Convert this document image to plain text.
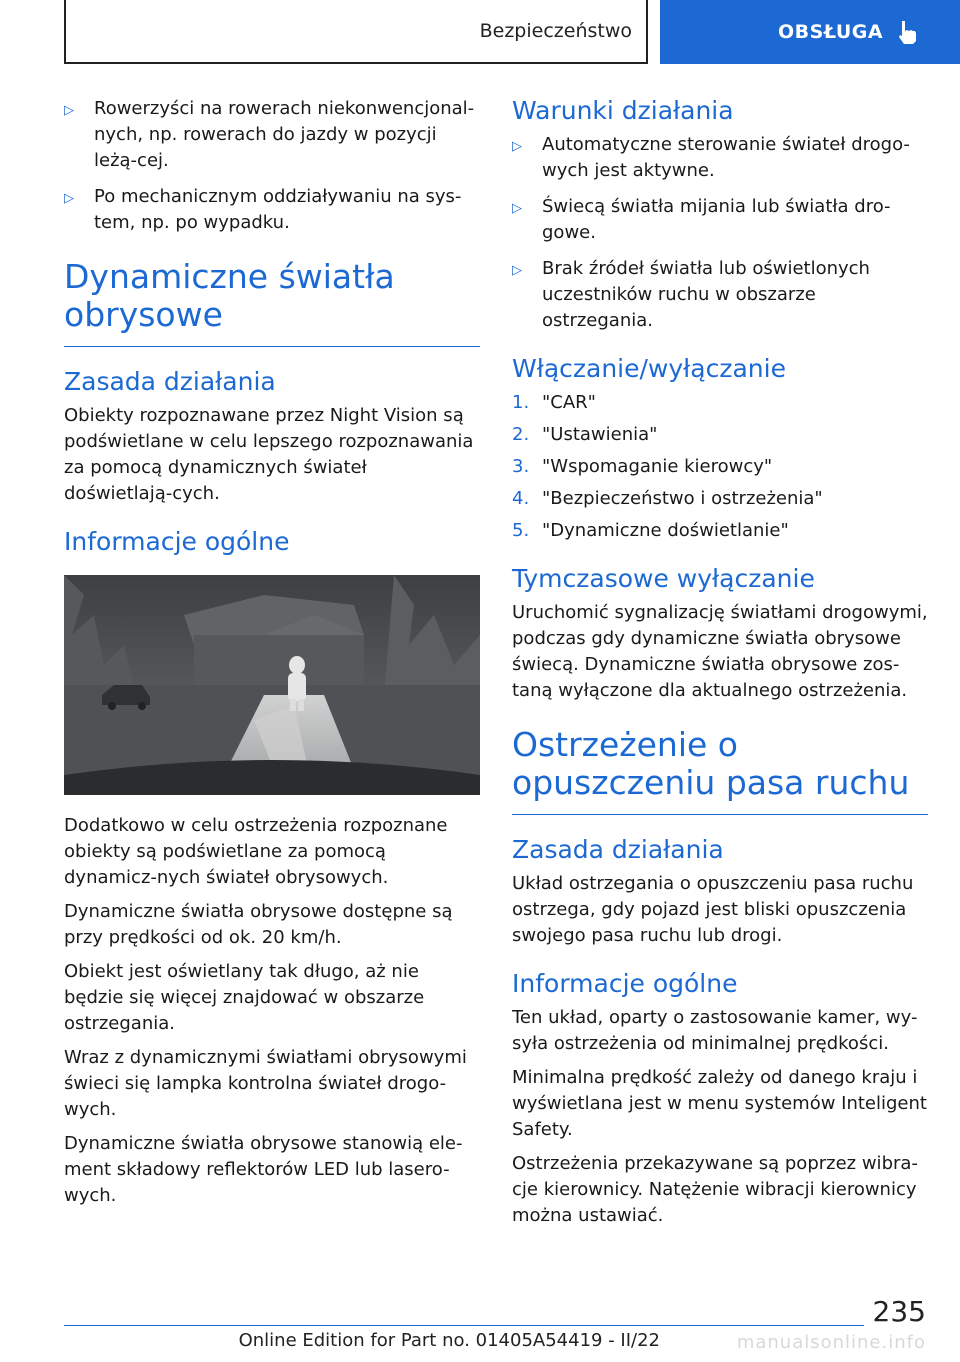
Bezpieczeństwo	OBSŁUGA
▷	Rowerzyści na rowerach niekonwencjonal-nych, np. rowerach do jazdy w pozycji leżą-cej.
▷	Po mechanicznym oddziaływaniu na sys-tem, np. po wypadku.
Dynamiczne światła obrysowe
Zasada działania

Obiekty rozpoznawane przez Night Vision są podświetlane w celu lepszego rozpoznawania za pomocą dynamicznych świateł doświetlają-cych.

Informacje ogólne

Dodatkowo w celu ostrzeżenia rozpoznane obiekty są podświetlane za pomocą dynamicz-nych świateł obrysowych.

Dynamiczne światła obrysowe dostępne są przy prędkości od ok. 20 km/h.

Obiekt jest oświetlany tak długo, aż nie będzie się więcej znajdować w obszarze ostrzegania.

Wraz z dynamicznymi światłami obrysowymi świeci się lampka kontrolna świateł drogo-wych.

Dynamiczne światła obrysowe stanowią ele-ment składowy reflektorów LED lub lasero-wych.

Warunki działania
▷	Automatyczne sterowanie świateł drogo-wych jest aktywne.
▷	Świecą światła mijania lub światła dro-gowe.
▷	Brak źródeł światła lub oświetlonych uczestników ruchu w obszarze ostrzegania.
Włączanie/wyłączanie
1. "CAR"
2. "Ustawienia"
3. "Wspomaganie kierowcy"
4. "Bezpieczeństwo i ostrzeżenia"
5. "Dynamiczne doświetlanie"
Tymczasowe wyłączanie

Uruchomić sygnalizację światłami drogowymi, podczas gdy dynamiczne światła obrysowe świecą. Dynamiczne światła obrysowe zos-taną wyłączone dla aktualnego ostrzeżenia.

Ostrzeżenie o opuszczeniu pasa ruchu
Zasada działania

Układ ostrzegania o opuszczeniu pasa ruchu ostrzega, gdy pojazd jest bliski opuszczenia swojego pasa ruchu lub drogi.

Informacje ogólne

Ten układ, oparty o zastosowanie kamer, wy-syła ostrzeżenia od minimalnej prędkości.

Minimalna prędkość zależy od danego kraju i wyświetlana jest w menu systemów Inteligent Safety.

Ostrzeżenia przekazywane są poprzez wibra-cje kierownicy. Natężenie wibracji kierownicy można ustawiać.

235
manualsonline.info
Online Edition for Part no. 01405A54419 - II/22
